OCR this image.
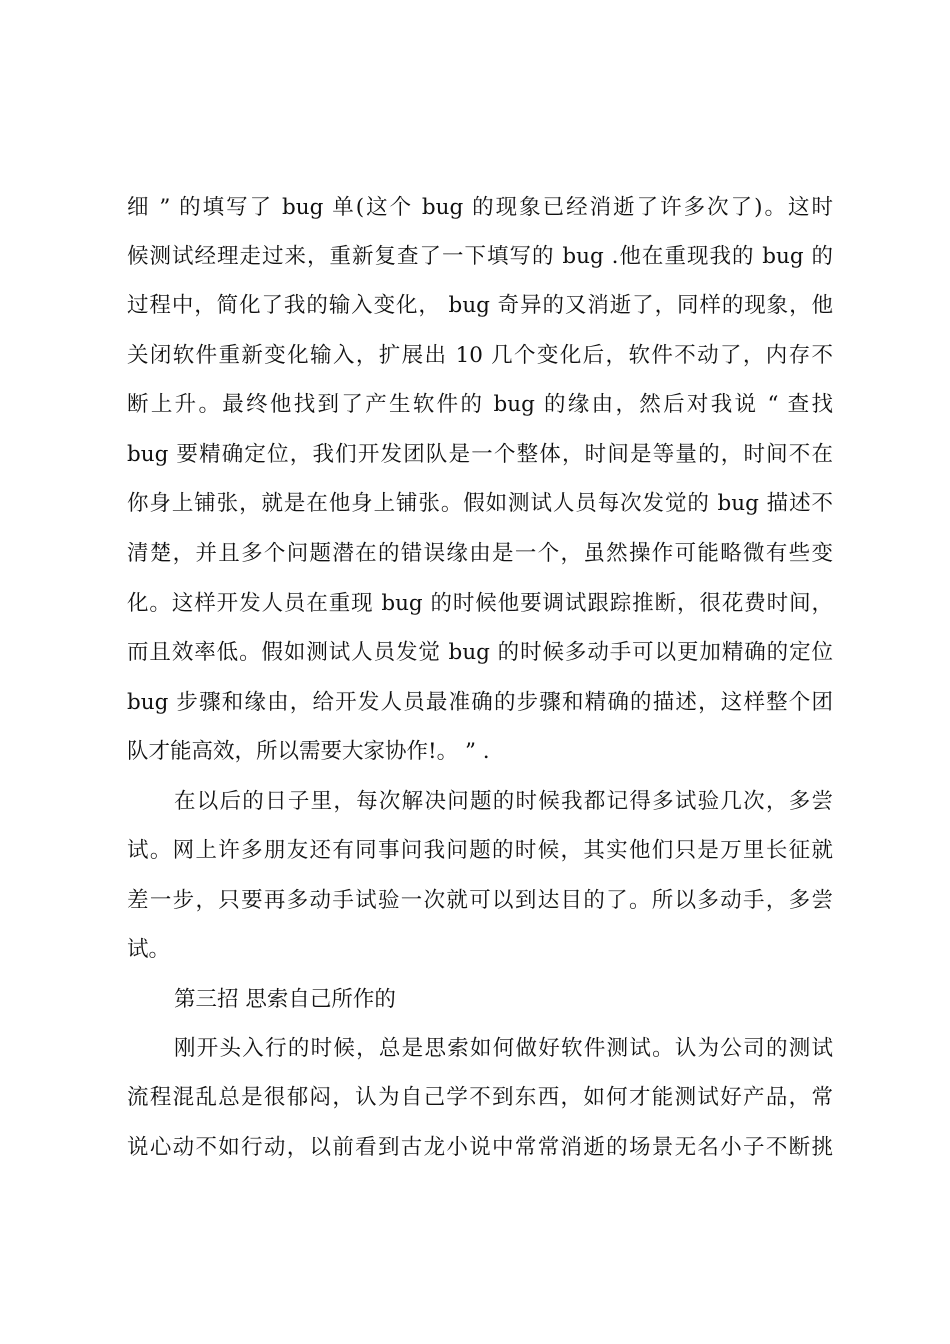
细 ” 的填写了 bug 单(这个 bug 的现象已经消逝了许多次了)。这时
候测试经理走过来，重新复查了一下填写的 bug .他在重现我的 bug 的
过程中，简化了我的输入变化， bug 奇异的又消逝了，同样的现象，他
关闭软件重新变化输入，扩展出 10 几个变化后，软件不动了，内存不
断上升。最终他找到了产生软件的 bug 的缘由，然后对我说 “ 查找
bug 要精确定位，我们开发团队是一个整体，时间是等量的，时间不在
你身上铺张，就是在他身上铺张。假如测试人员每次发觉的 bug 描述不
清楚，并且多个问题潜在的错误缘由是一个，虽然操作可能略微有些变
化。这样开发人员在重现 bug 的时候他要调试跟踪推断，很花费时间，
而且效率低。假如测试人员发觉 bug 的时候多动手可以更加精确的定位
bug 步骤和缘由，给开发人员最准确的步骤和精确的描述，这样整个团
队才能高效，所以需要大家协作!。 ” .
在以后的日子里，每次解决问题的时候我都记得多试验几次，多尝
试。网上许多朋友还有同事问我问题的时候，其实他们只是万里长征就
差一步，只要再多动手试验一次就可以到达目的了。所以多动手，多尝
试。
第三招 思索自己所作的
刚开头入行的时候，总是思索如何做好软件测试。认为公司的测试
流程混乱总是很郁闷，认为自己学不到东西，如何才能测试好产品，常
说心动不如行动，以前看到古龙小说中常常消逝的场景无名小子不断挑
